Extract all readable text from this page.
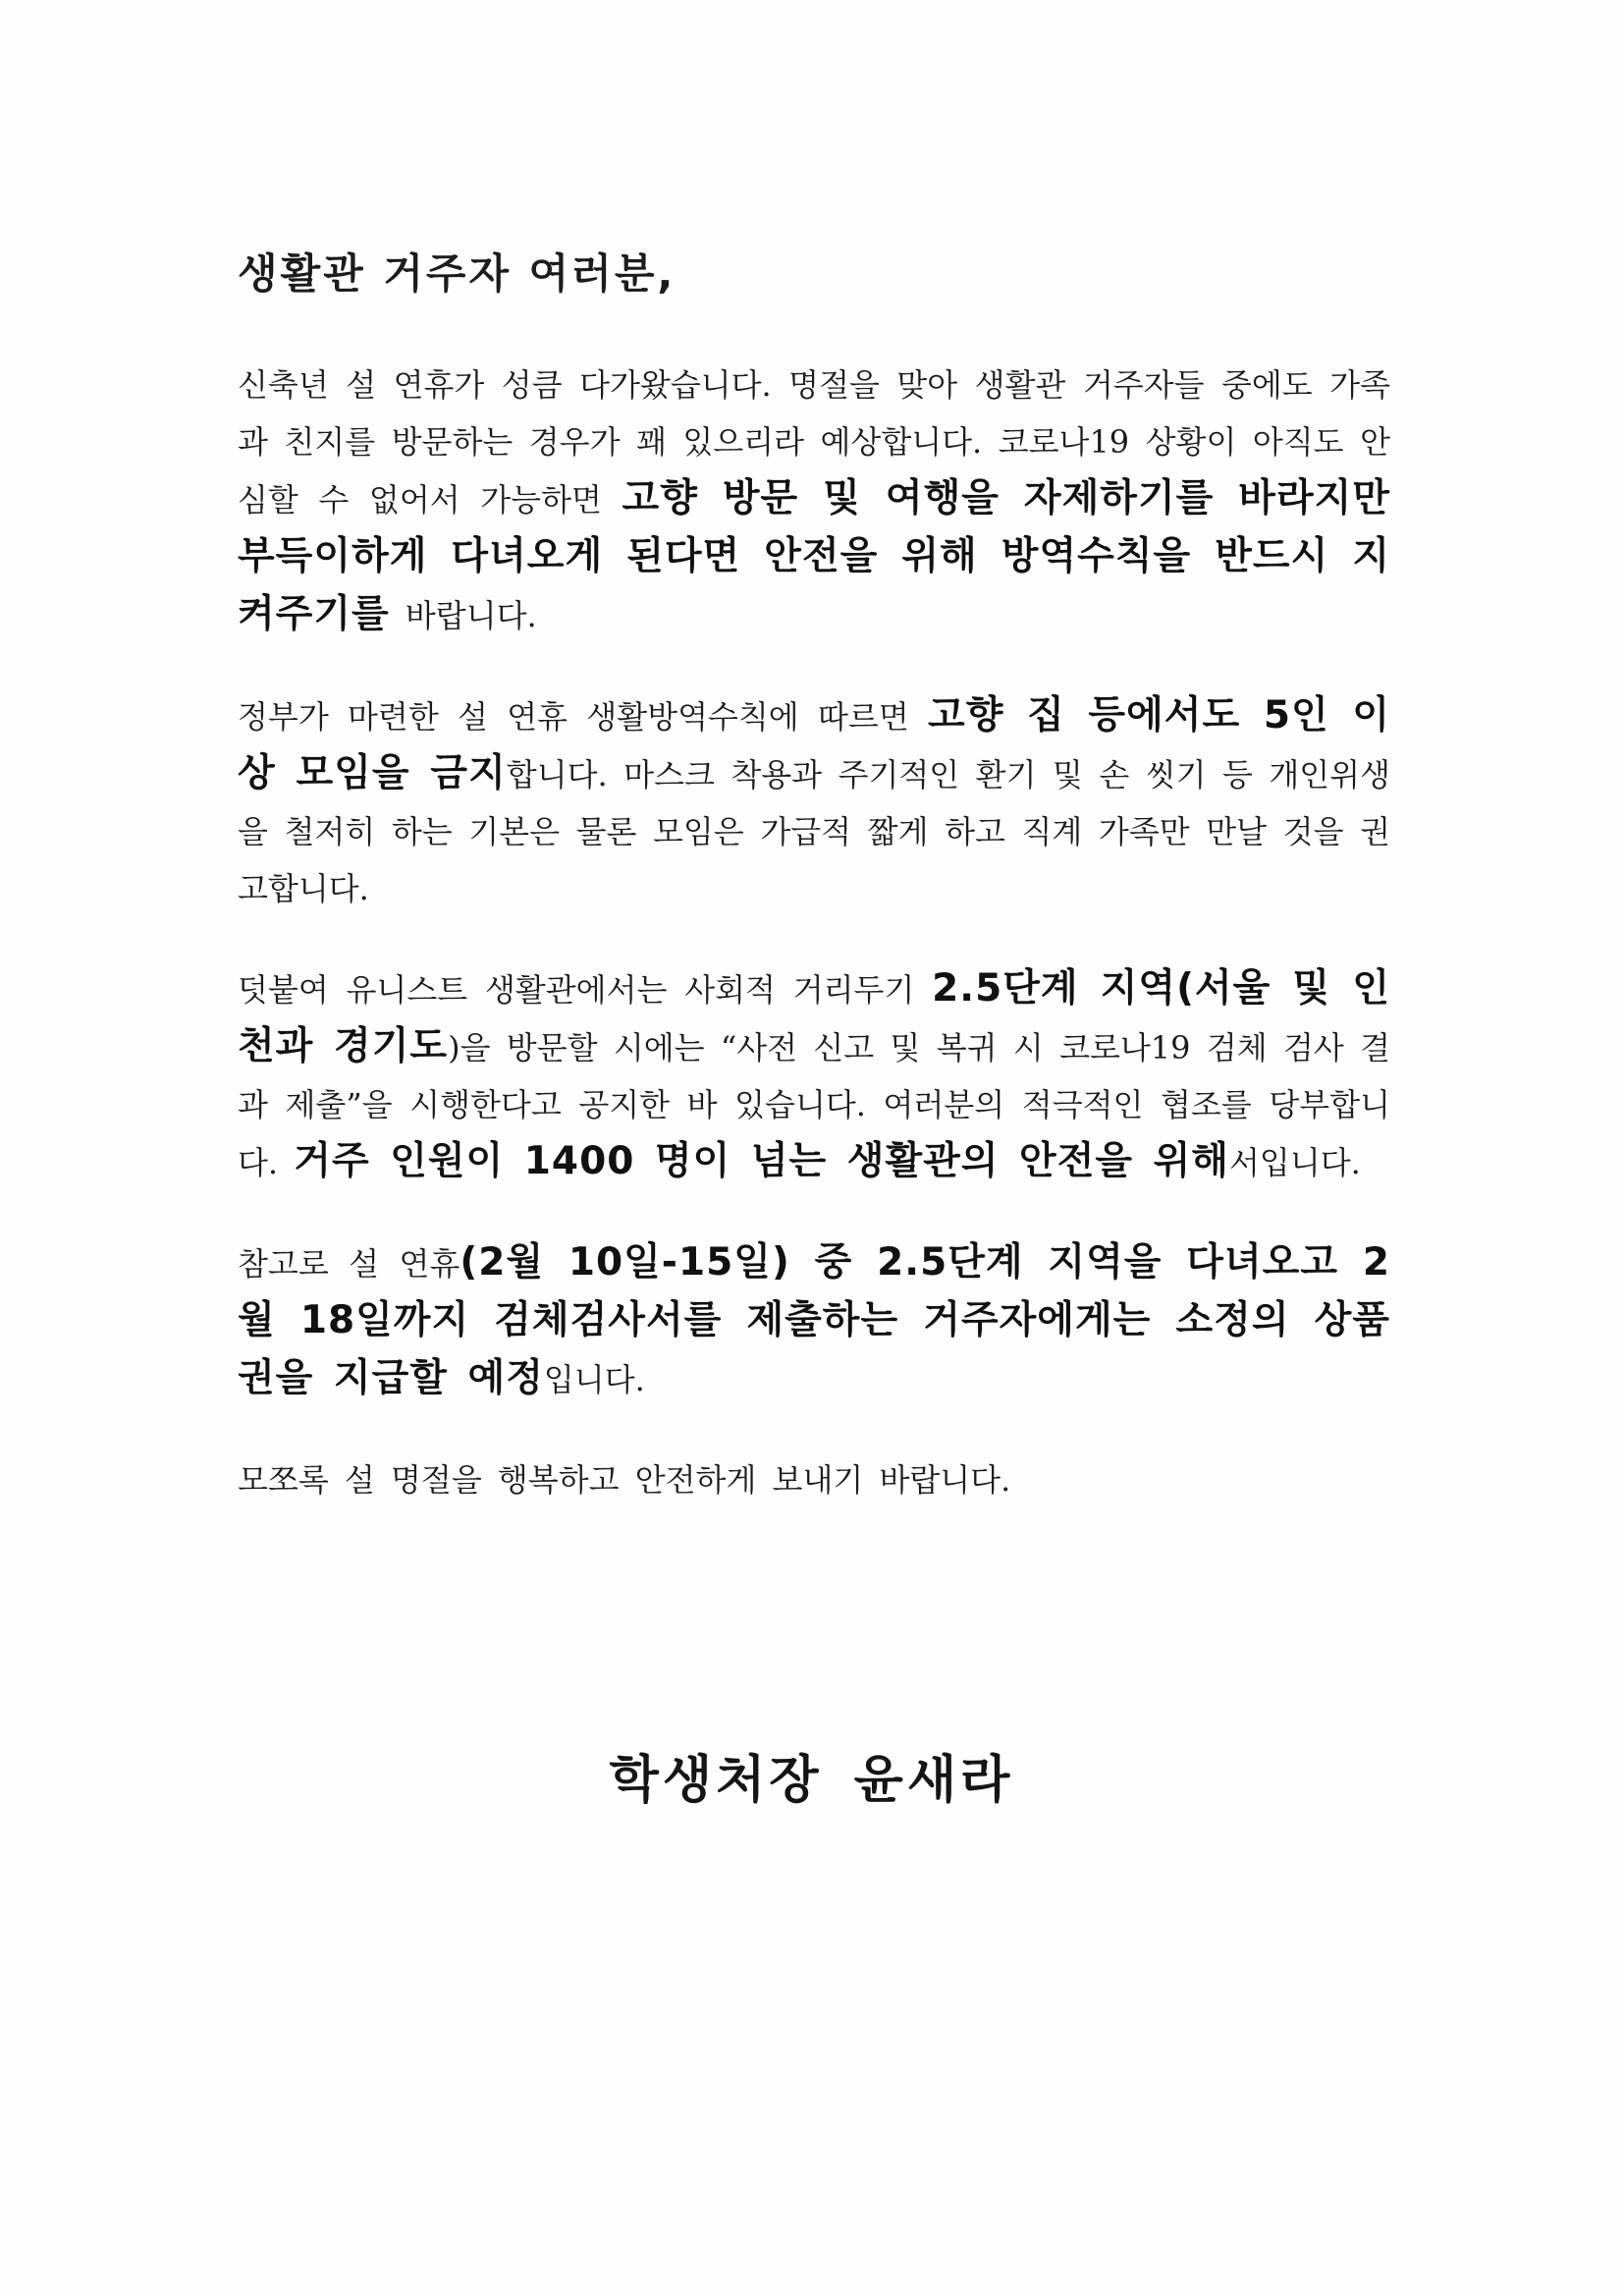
생활관 거주자 여러분,

신축년 설 연휴가 성큼 다가왔습니다. 명절을 맞아 생활관 거주자들 중에도 가족과 친지를 방문하는 경우가 꽤 있으리라 예상합니다. 코로나19 상황이 아직도 안심할 수 없어서 가능하면 고향 방문 및 여행을 자제하기를 바라지만 부득이하게 다녀오게 된다면 안전을 위해 방역수칙을 반드시 지켜주기를 바랍니다.

정부가 마련한 설 연휴 생활방역수칙에 따르면 고향 집 등에서도 5인 이상 모임을 금지합니다. 마스크 착용과 주기적인 환기 및 손 씻기 등 개인위생을 철저히 하는 기본은 물론 모임은 가급적 짧게 하고 직계 가족만 만날 것을 권고합니다.

덧붙여 유니스트 생활관에서는 사회적 거리두기 2.5단계 지역(서울 및 인천과 경기도)을 방문할 시에는 “사전 신고 및 복귀 시 코로나19 검체 검사 결과 제출”을 시행한다고 공지한 바 있습니다. 여러분의 적극적인 협조를 당부합니다. 거주 인원이 1400 명이 넘는 생활관의 안전을 위해서입니다.

참고로 설 연휴(2월 10일-15일) 중 2.5단계 지역을 다녀오고 2월 18일까지 검체검사서를 제출하는 거주자에게는 소정의 상품권을 지급할 예정입니다.

모쪼록 설 명절을 행복하고 안전하게 보내기 바랍니다.

학생처장 윤새라
